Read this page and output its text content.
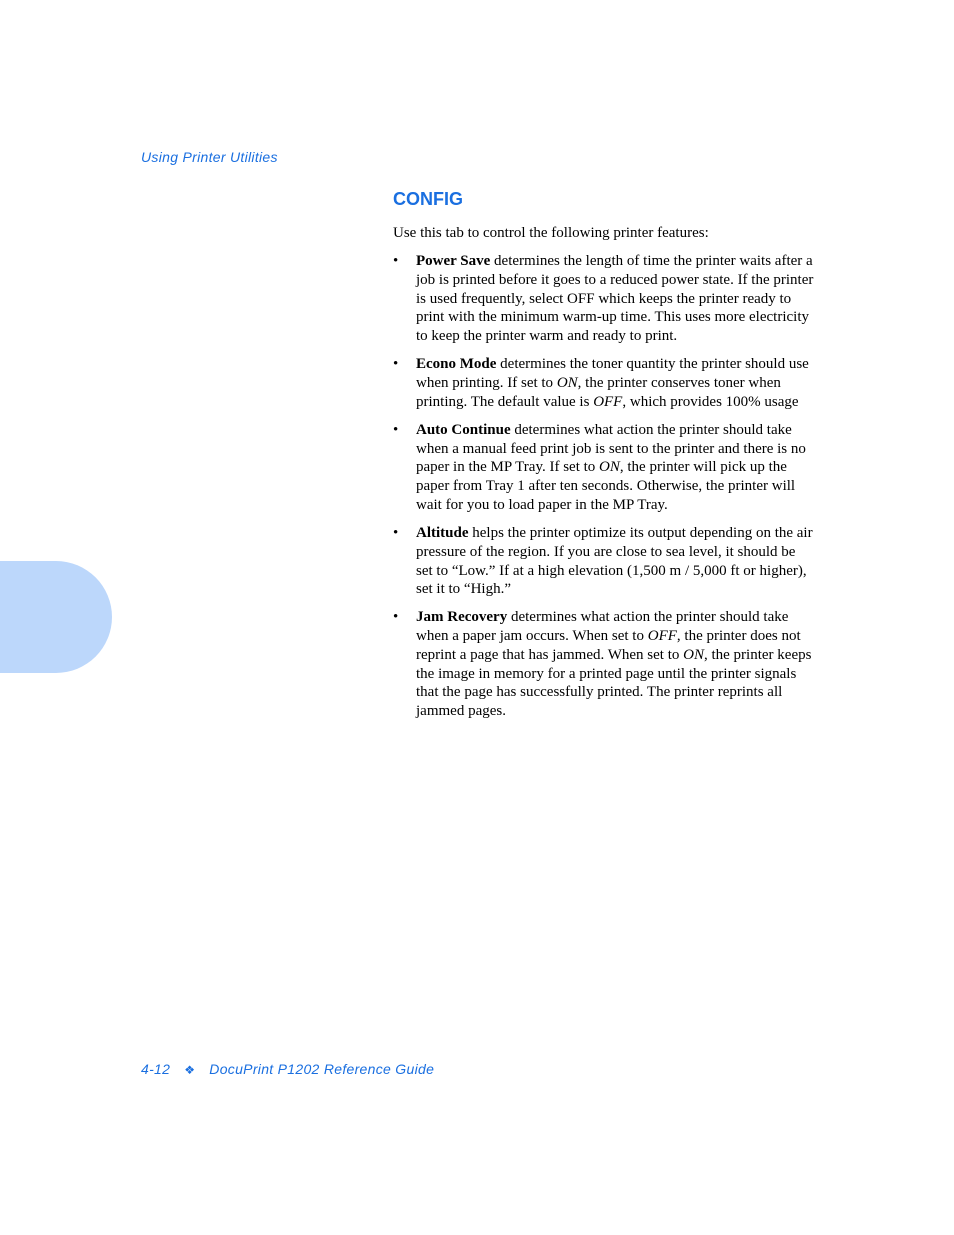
Using Printer Utilities
CONFIG

Use this tab to control the following printer features:

• Power Save determines the length of time the printer waits after a job is printed before it goes to a reduced power state. If the printer is used frequently, select OFF which keeps the printer ready to print with the minimum warm-up time. This uses more electricity to keep the printer warm and ready to print.
• Econo Mode determines the toner quantity the printer should use when printing. If set to ON, the printer conserves toner when printing. The default value is OFF, which provides 100% usage
• Auto Continue determines what action the printer should take when a manual feed print job is sent to the printer and there is no paper in the MP Tray. If set to ON, the printer will pick up the paper from Tray 1 after ten seconds. Otherwise, the printer will wait for you to load paper in the MP Tray.
• Altitude helps the printer optimize its output depending on the air pressure of the region. If you are close to sea level, it should be set to “Low.” If at a high elevation (1,500 m / 5,000 ft or higher), set it to “High.”
• Jam Recovery determines what action the printer should take when a paper jam occurs. When set to OFF, the printer does not reprint a page that has jammed. When set to ON, the printer keeps the image in memory for a printed page until the printer signals that the page has successfully printed. The printer reprints all jammed pages.
4-12 ❖ DocuPrint P1202 Reference Guide
